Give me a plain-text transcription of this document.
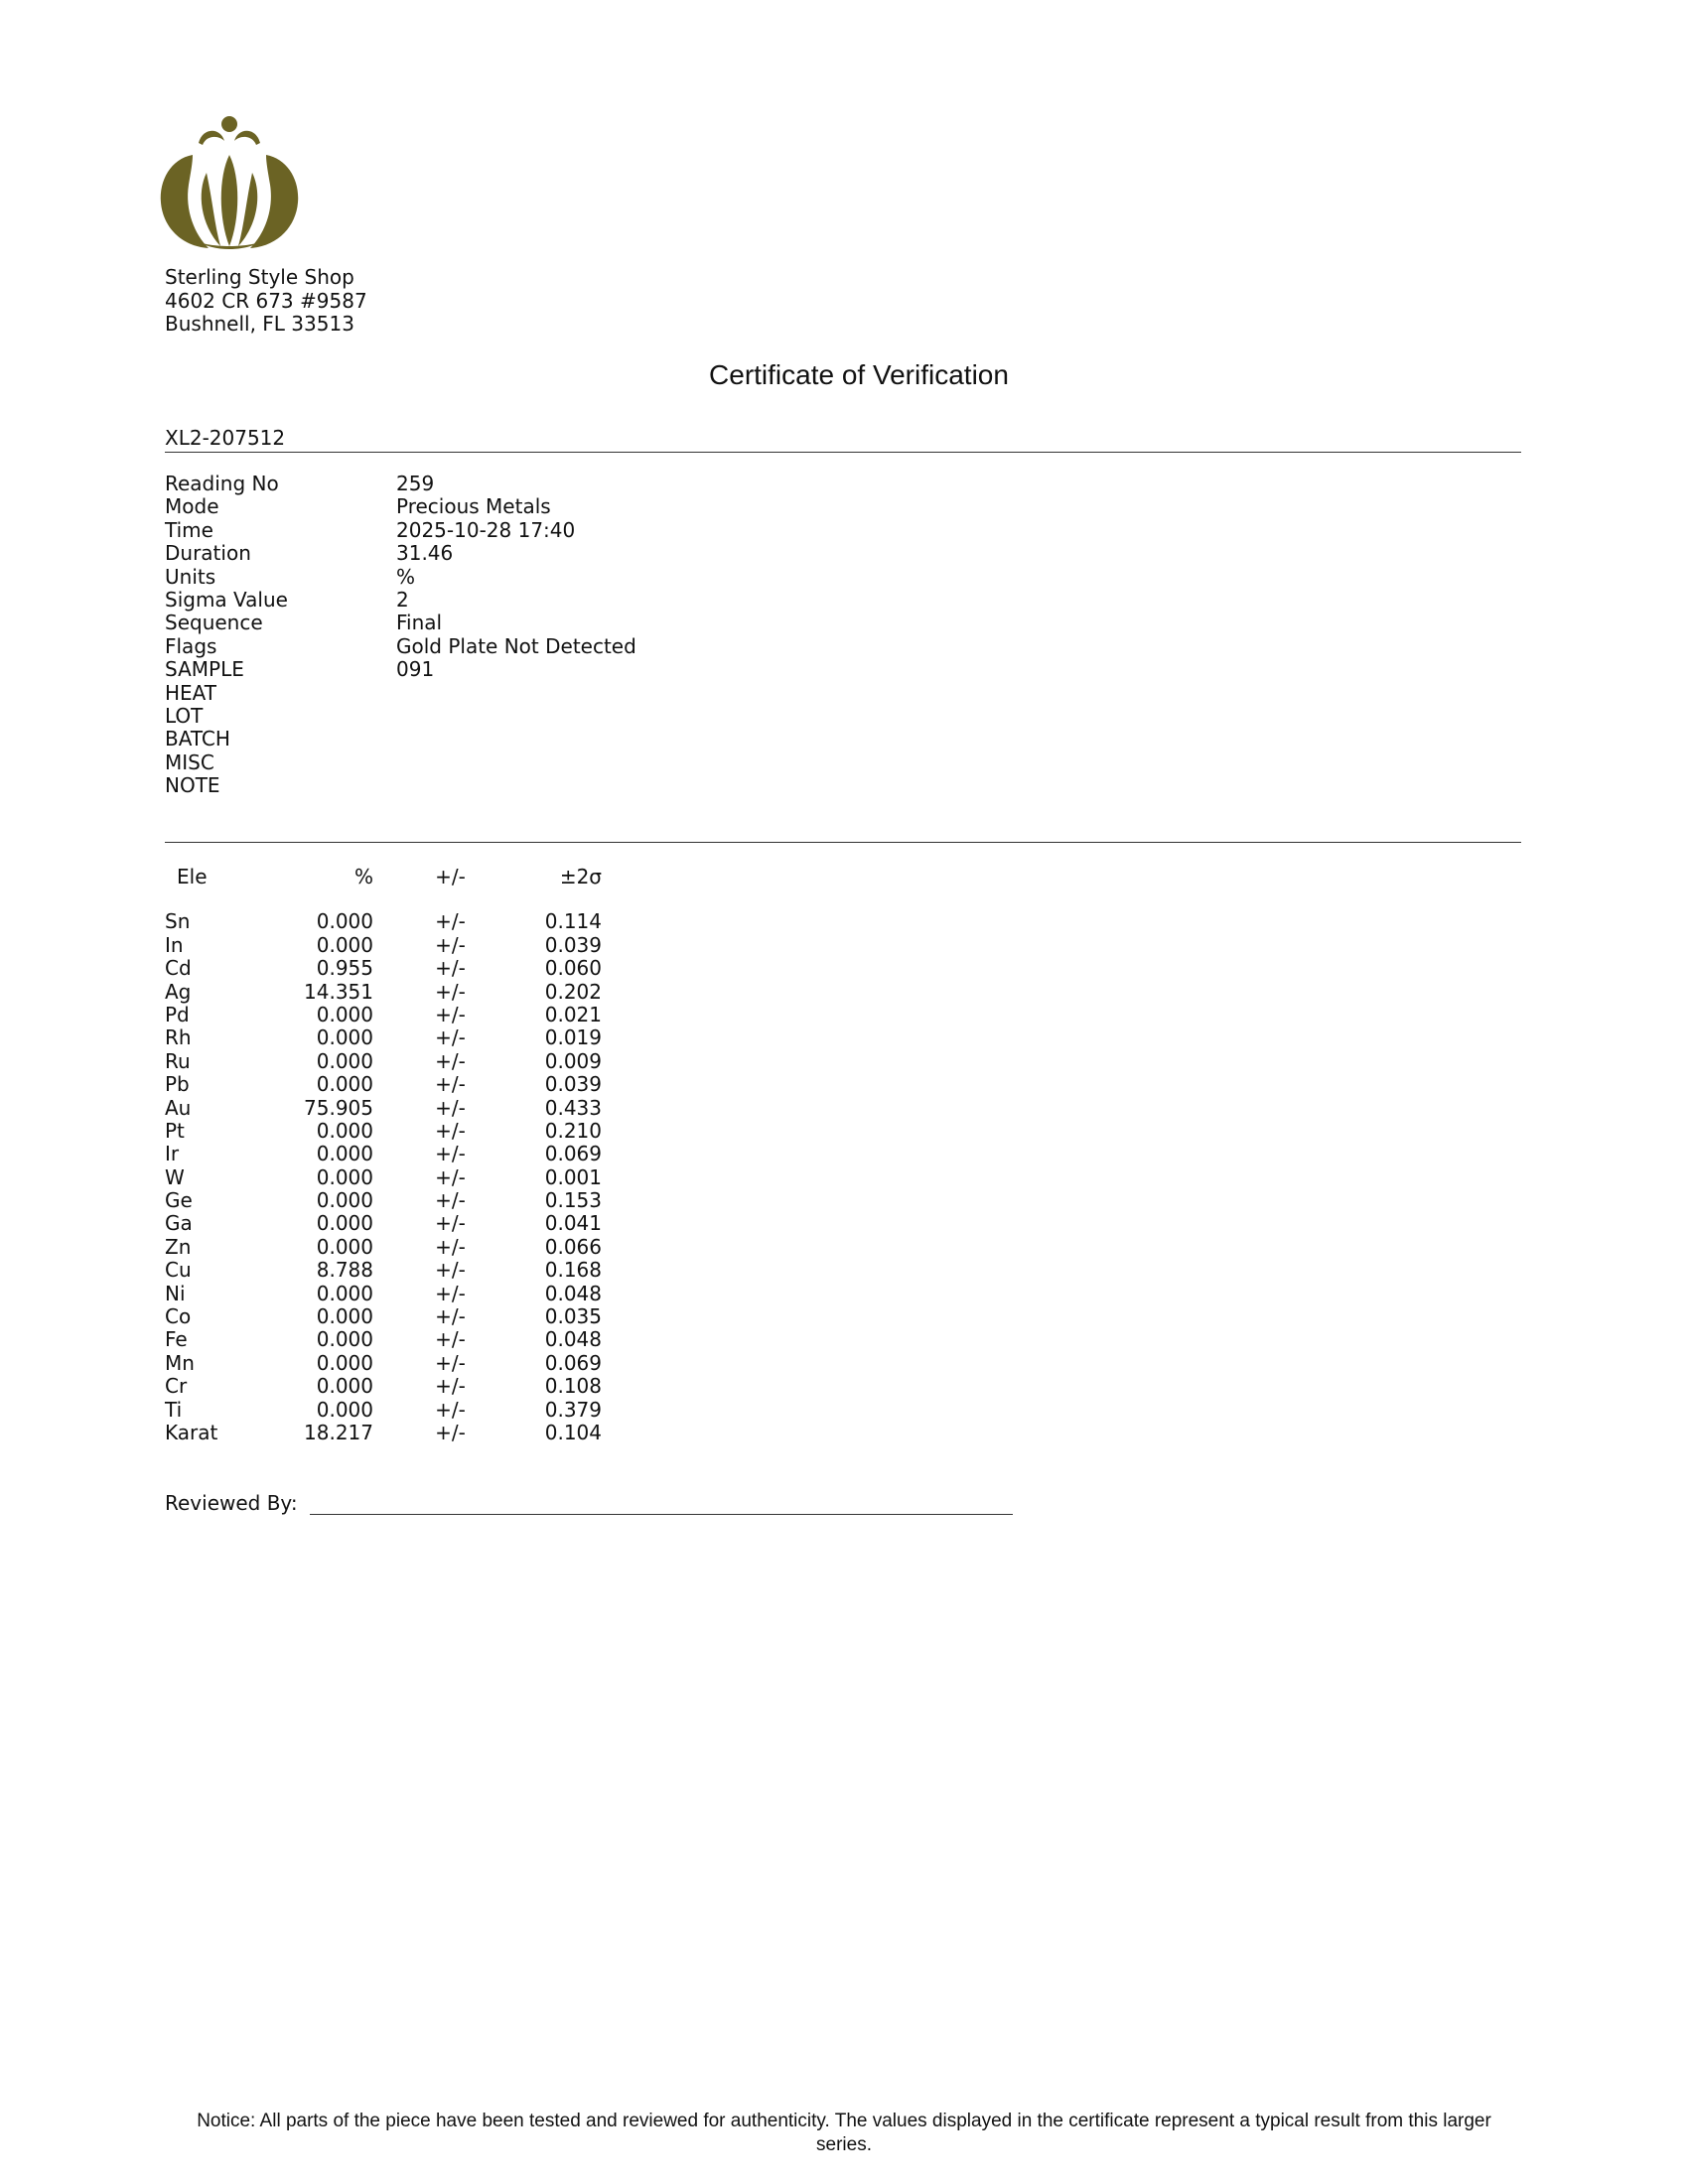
Sterling Style Shop
4602 CR 673 #9587
Bushnell, FL 33513
Certificate of Verification
XL2-207512
Reading No	259
Mode	Precious Metals
Time	2025-10-28 17:40
Duration	31.46
Units	%
Sigma Value	2
Sequence	Final
Flags	Gold Plate Not Detected
SAMPLE	091
HEAT
LOT
BATCH
MISC
NOTE
Ele	%	+/-	±2σ
Sn	0.000	+/-	0.114
In	0.000	+/-	0.039
Cd	0.955	+/-	0.060
Ag	14.351	+/-	0.202
Pd	0.000	+/-	0.021
Rh	0.000	+/-	0.019
Ru	0.000	+/-	0.009
Pb	0.000	+/-	0.039
Au	75.905	+/-	0.433
Pt	0.000	+/-	0.210
Ir	0.000	+/-	0.069
W	0.000	+/-	0.001
Ge	0.000	+/-	0.153
Ga	0.000	+/-	0.041
Zn	0.000	+/-	0.066
Cu	8.788	+/-	0.168
Ni	0.000	+/-	0.048
Co	0.000	+/-	0.035
Fe	0.000	+/-	0.048
Mn	0.000	+/-	0.069
Cr	0.000	+/-	0.108
Ti	0.000	+/-	0.379
Karat	18.217	+/-	0.104
Reviewed By:
Notice: All parts of the piece have been tested and reviewed for authenticity. The values displayed in the certificate represent a typical result from this larger series.
